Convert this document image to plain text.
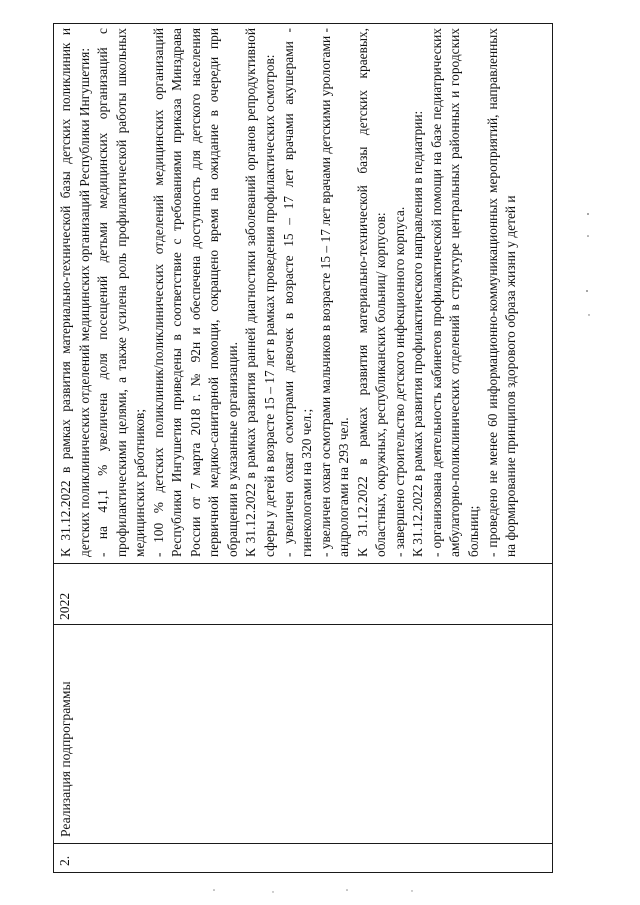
2.

Реализация подпрограммы

2022

К 31.12.2022 в рамках развития материально-технической базы детских поликлиник и детских поликлинических отделений медицинских организаций Республики Ингушетия: - на 41,1 % увеличена доля посещений детьми медицинских организаций с профилактическими целями, а также усилена роль профилактической работы школьных медицинских работников; - 100 % детских поликлиник/поликлинических отделений медицинских организаций Республики Ингушетия приведены в соответствие с требованиями приказа Минздрава России от 7 марта 2018 г. № 92н и обеспечена доступность для детского населения первичной медико-санитарной помощи, сокращено время на ожидание в очереди при обращении в указанные организации. К 31.12.2022 в рамках развития ранней диагностики заболеваний органов репродуктивной сферы у детей в возрасте 15 – 17 лет в рамках проведения профилактических осмотров: - увеличен охват осмотрами девочек в возрасте 15 – 17 лет врачами акушерами - гинекологами на 320 чел.; - увеличен охват осмотрами мальчиков в возрасте 15 – 17 лет врачами детскими урологами - андрологами на 293 чел. К 31.12.2022 в рамках развития материально-технической базы детских краевых, областных, окружных, республиканских больниц/ корпусов: - завершено строительство детского инфекционного корпуса. К 31.12.2022 в рамках развития профилактического направления в педиатрии: - организована деятельность кабинетов профилактической помощи на базе педиатрических амбулаторно-поликлинических отделений в структуре центральных районных и городских больниц; - проведено не менее 60 информационно-коммуникационных мероприятий, направленных на формирование принципов здорового образа жизни у детей и
